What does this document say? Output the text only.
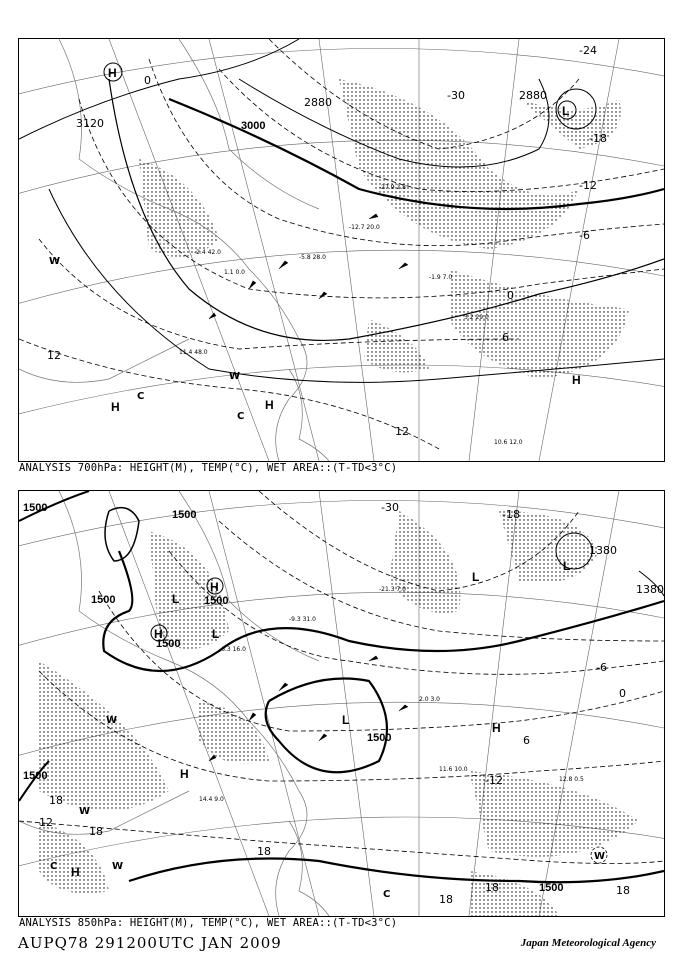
-2.4 42.0
1.1 0.0
-5.8 28.0
-12.7 20.0
-27.9 2.8
-1.9 7.0
3.2 29.0
11.4 48.0
10.6 12.0
3120	3000
2880
2880
-24
-30
-18
-12
-6
0
6
12
0
12
H
L
H
H	H
C
W
C
W
ANALYSIS 700hPa: HEIGHT(M), TEMP(°C), WET AREA::(T-TD<3°C)
-6.3 16.0
-9.3 31.0
-21.3 7.0
2.0 3.0
11.6 10.0
12.8 0.5
14.4 9.0
1500
1500
1500	1500
1500
1500
1380
1380
1500
1500
-30
-18
-6
0
6
-12
12
18
18
18
18
18	18
H
H
L
L
L
L
L
H
H
H
W
W
W
W
C
C
ANALYSIS 850hPa: HEIGHT(M), TEMP(°C), WET AREA::(T-TD<3°C)
AUPQ78 291200UTC JAN 2009	Japan Meteorological Agency
